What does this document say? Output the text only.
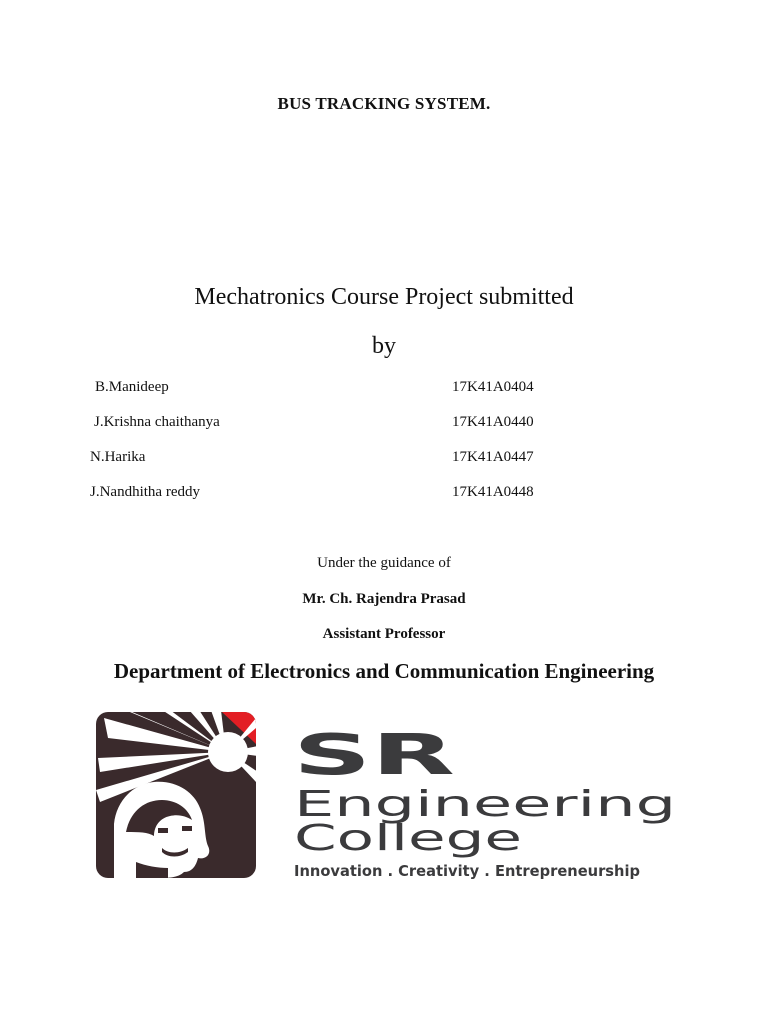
BUS TRACKING SYSTEM.
Mechatronics Course Project submitted
by
B.Manideep	17K41A0404
J.Krishna chaithanya	17K41A0440
N.Harika	17K41A0447
J.Nandhitha reddy	17K41A0448
Under the guidance of
Mr. Ch. Rajendra Prasad
Assistant Professor
Department of Electronics and Communication Engineering
SR
Engineering
College
Innovation . Creativity . Entrepreneurship
